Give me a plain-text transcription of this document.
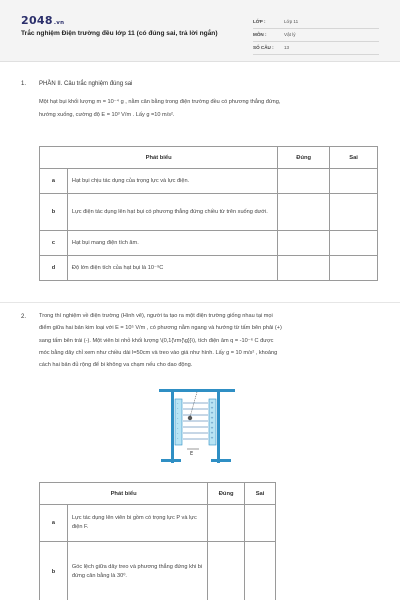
2048.vn
Trắc nghiệm Điện trường đều lớp 11 (có đúng sai, trả lời ngắn)
LỚP :	Lớp 11
MÔN :	Vật lý
SỐ CÂU : 13
1. PHẦN II. Câu trắc nghiệm đúng sai
Một hạt bụi khối lượng m = 10⁻⁴ g , nằm cân bằng trong điện trường đều có phương thẳng đứng,
hướng xuống, cường độ E = 10³ V/m . Lấy g =10 m/s².
Phát biểu		Đúng	Sai
a	Hạt bụi chịu tác dụng của trọng lực và lực điện.		
b	Lực điện tác dụng lên hạt bụi có phương thẳng đứng chiều từ trên xuống dưới.		
c	Hạt bụi mang điện tích âm.		
d	Độ lớn điện tích của hạt bụi là 10⁻⁹C		
2. Trong thí nghiệm về điện trường (Hình vẽ), người ta tạo ra một điện trường giống nhau tại mọi
điểm giữa hai bản kim loại với E = 10⁵ V/m , có phương nằm ngang và hướng từ tấm bên phải (+)
sang tấm bên trái (-). Một viên bi nhỏ khối lượng \(0,1{\rm{\g}}\), tích điện âm q = -10⁻⁶ C được
móc bằng dây chỉ xem như chiều dài l=50cm và treo vào giá như hình. Lấy g = 10 m/s² , khoảng
cách hai bản đủ rộng để bi không va chạm nếu cho dao động.
-
-
-
-
-
-
-
-
+
+
+
+
+
+
+
+
E
Phát biểu		Đúng	Sai
a	Lực tác dụng lên viên bi gồm có trọng lực P và lực điện F.		
b	Góc lệch giữa dây treo và phương thẳng đứng khi bi đứng cân bằng là 30⁰.		
